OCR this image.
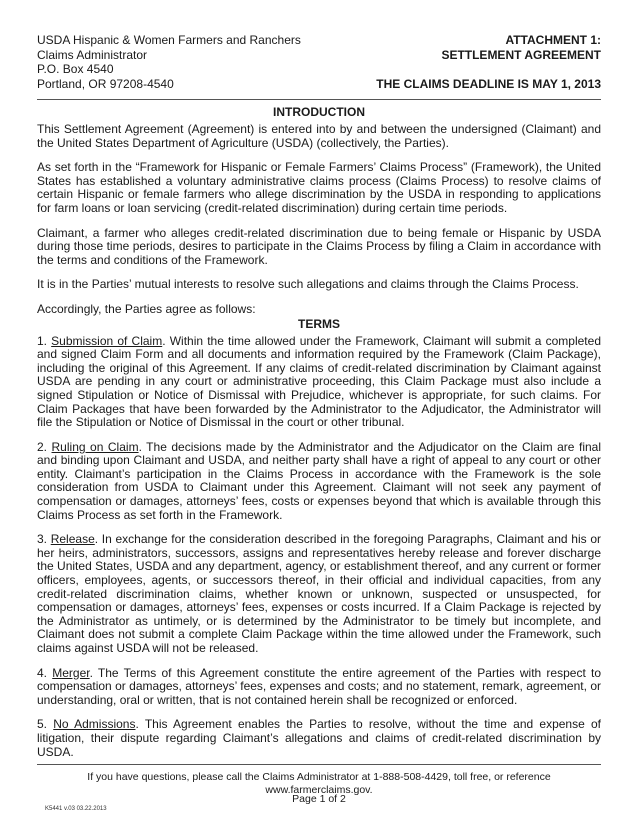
USDA Hispanic & Women Farmers and Ranchers
Claims Administrator
P.O. Box 4540
Portland, OR 97208-4540
ATTACHMENT 1:
SETTLEMENT AGREEMENT
THE CLAIMS DEADLINE IS MAY 1, 2013
INTRODUCTION

This Settlement Agreement (Agreement) is entered into by and between the undersigned (Claimant) and the United States Department of Agriculture (USDA) (collectively, the Parties).

As set forth in the “Framework for Hispanic or Female Farmers’ Claims Process” (Framework), the United States has established a voluntary administrative claims process (Claims Process) to resolve claims of certain Hispanic or female farmers who allege discrimination by the USDA in responding to applications for farm loans or loan servicing (credit-related discrimination) during certain time periods.

Claimant, a farmer who alleges credit-related discrimination due to being female or Hispanic by USDA during those time periods, desires to participate in the Claims Process by filing a Claim in accordance with the terms and conditions of the Framework.

It is in the Parties’ mutual interests to resolve such allegations and claims through the Claims Process.

Accordingly, the Parties agree as follows:

TERMS

1. Submission of Claim. Within the time allowed under the Framework, Claimant will submit a completed and signed Claim Form and all documents and information required by the Framework (Claim Package), including the original of this Agreement. If any claims of credit-related discrimination by Claimant against USDA are pending in any court or administrative proceeding, this Claim Package must also include a signed Stipulation or Notice of Dismissal with Prejudice, whichever is appropriate, for such claims. For Claim Packages that have been forwarded by the Administrator to the Adjudicator, the Administrator will file the Stipulation or Notice of Dismissal in the court or other tribunal.

2. Ruling on Claim. The decisions made by the Administrator and the Adjudicator on the Claim are final and binding upon Claimant and USDA, and neither party shall have a right of appeal to any court or other entity. Claimant’s participation in the Claims Process in accordance with the Framework is the sole consideration from USDA to Claimant under this Agreement. Claimant will not seek any payment of compensation or damages, attorneys’ fees, costs or expenses beyond that which is available through this Claims Process as set forth in the Framework.

3. Release. In exchange for the consideration described in the foregoing Paragraphs, Claimant and his or her heirs, administrators, successors, assigns and representatives hereby release and forever discharge the United States, USDA and any department, agency, or establishment thereof, and any current or former officers, employees, agents, or successors thereof, in their official and individual capacities, from any credit-related discrimination claims, whether known or unknown, suspected or unsuspected, for compensation or damages, attorneys’ fees, expenses or costs incurred. If a Claim Package is rejected by the Administrator as untimely, or is determined by the Administrator to be timely but incomplete, and Claimant does not submit a complete Claim Package within the time allowed under the Framework, such claims against USDA will not be released.

4. Merger. The Terms of this Agreement constitute the entire agreement of the Parties with respect to compensation or damages, attorneys’ fees, expenses and costs; and no statement, remark, agreement, or understanding, oral or written, that is not contained herein shall be recognized or enforced.

5. No Admissions. This Agreement enables the Parties to resolve, without the time and expense of litigation, their dispute regarding Claimant’s allegations and claims of credit-related discrimination by USDA.

If you have questions, please call the Claims Administrator at 1-888-508-4429, toll free, or reference www.farmerclaims.gov.
Page 1 of 2
K5441 v.03 03.22.2013
